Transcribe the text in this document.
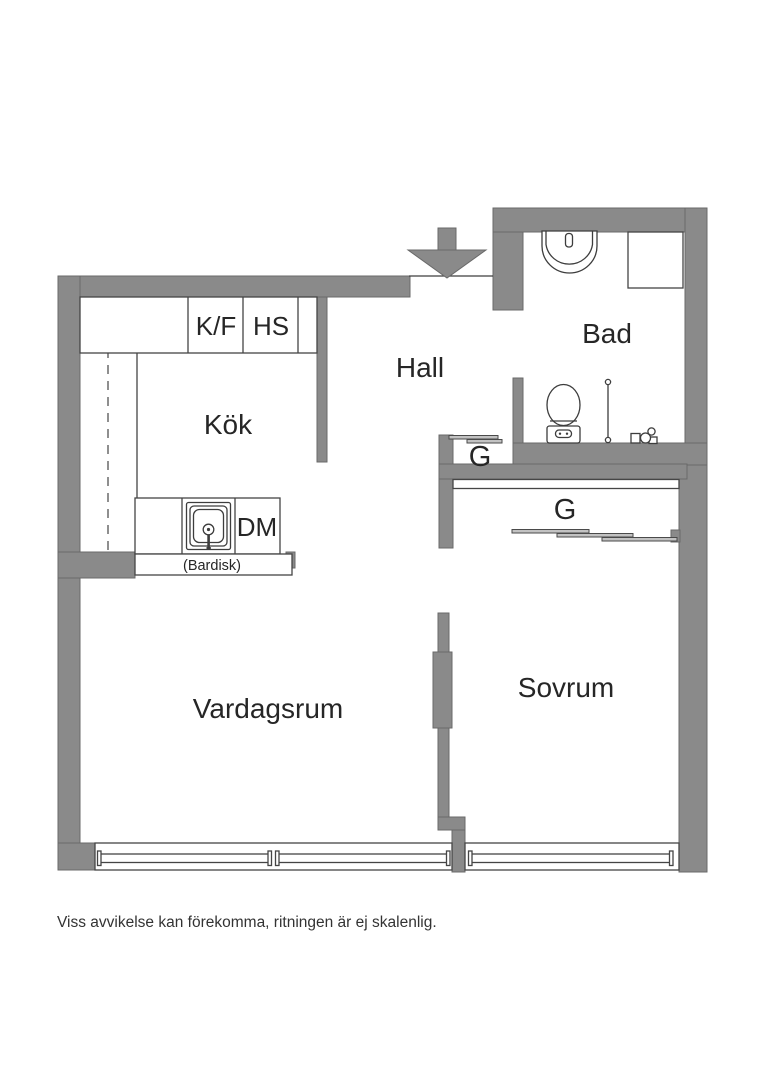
K/F HS
DM
(Bardisk)
G
G
Kök
Hall
Bad
Vardagsrum
Sovrum
Viss avvikelse kan förekomma, ritningen är ej skalenlig.
